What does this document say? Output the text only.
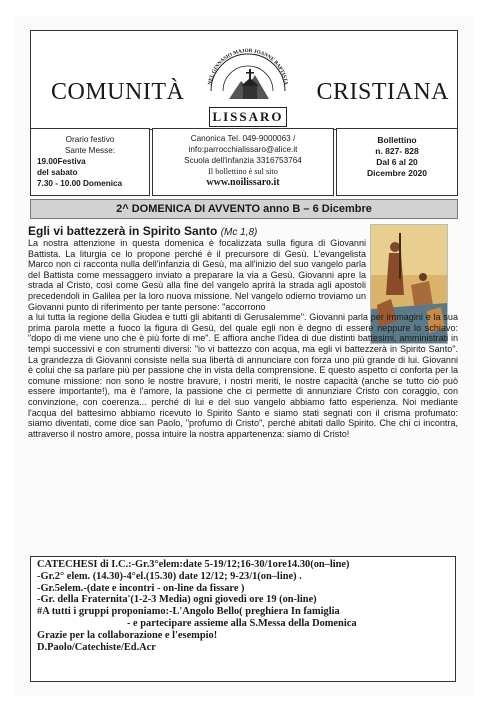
COMUNITÀ	CRISTIANA
NEL GINNASIO MAJOR JOANNE BAPTISTA
LISSARO
Orario festivo
Sante Messe:
19.00Festiva
del sabato
7.30 - 10.00 Domenica
Canonica Tel. 049-9000063 /
info:parrocchialissaro@alice.it
Scuola dell'infanzia 3316753764
Il bollettino è sul sito
www.noilissaro.it
Bollettino
n. 827- 828
Dal 6 al 20
Dicembre 2020
2^ DOMENICA DI AVVENTO anno B – 6 Dicembre
Egli vi battezzerà in Spirito Santo (Mc 1,8)

La nostra attenzione in questa domenica è focalizzata sulla figura di Giovanni Battista. La liturgia ce lo propone perché è il precursore di Gesù. L'evangelista Marco non ci racconta nulla dell'infanzia di Gesù, ma all'inizio del suo vangelo parla del Battista come messaggero inviato a preparare la via a Gesù. Giovanni apre la strada al Cristo, così come Gesù alla fine del vangelo aprirà la strada agli apostoli precedendoli in Galilea per la loro nuova missione. Nel vangelo odierno troviamo un Giovanni punto di riferimento per tante persone: "accorrono
a lui tutta la regione della Giudea e tutti gli abitanti di Gerusalemme". Giovanni parla per immagini e la sua prima parola mette a fuoco la figura di Gesù, del quale egli non è degno di essere neppure lo schiavo: "dopo di me viene uno che è più forte di me". E affiora anche l'idea di due distinti battesimi, amministrati in tempi successivi e con strumenti diversi: "io vi battezzo con acqua, ma egli vi battezzerà in Spirito Santo". La grandezza di Giovanni consiste nella sua libertà di annunciare con forza uno più grande di lui. Giovanni è colui che sa parlare più per passione che in vista della comprensione. E questo aspetto ci conforta per la comune missione: non sono le nostre bravure, i nostri meriti, le nostre capacità (anche se tutto ciò può essere importante!), ma è l'amore, la passione che ci permette di annunziare Cristo con coraggio, con convinzione, con coerenza... perché di lui e del suo vangelo abbiamo fatto esperienza. Noi mediante l'acqua del battesimo abbiamo ricevuto lo Spirito Santo e siamo stati segnati con il crisma profumato: siamo diventati, come dice san Paolo, "profumo di Cristo", perché abitati dallo Spirito. Che chi ci incontra, attraverso il nostro amore, possa intuire la nostra appartenenza: siamo di Cristo!

CATECHESI di I.C.:-Gr.3°elem:date 5-19/12;16-30/1ore14.30(on–line)
-Gr.2° elem. (14.30)-4°el.(15.30) date 12/12; 9-23/1(on–line) .
-Gr.5elem.-(date e incontri - on-line da fissare )
-Gr. della Fraternita'(1-2-3 Media) ogni giovedì ore 19 (on-line)
#A tutti i gruppi proponiamo:-L'Angolo Bello( preghiera In famiglia
- e partecipare assieme alla S.Messa della Domenica
Grazie per la collaborazione e l'esempio!
D.Paolo/Catechiste/Ed.Acr
